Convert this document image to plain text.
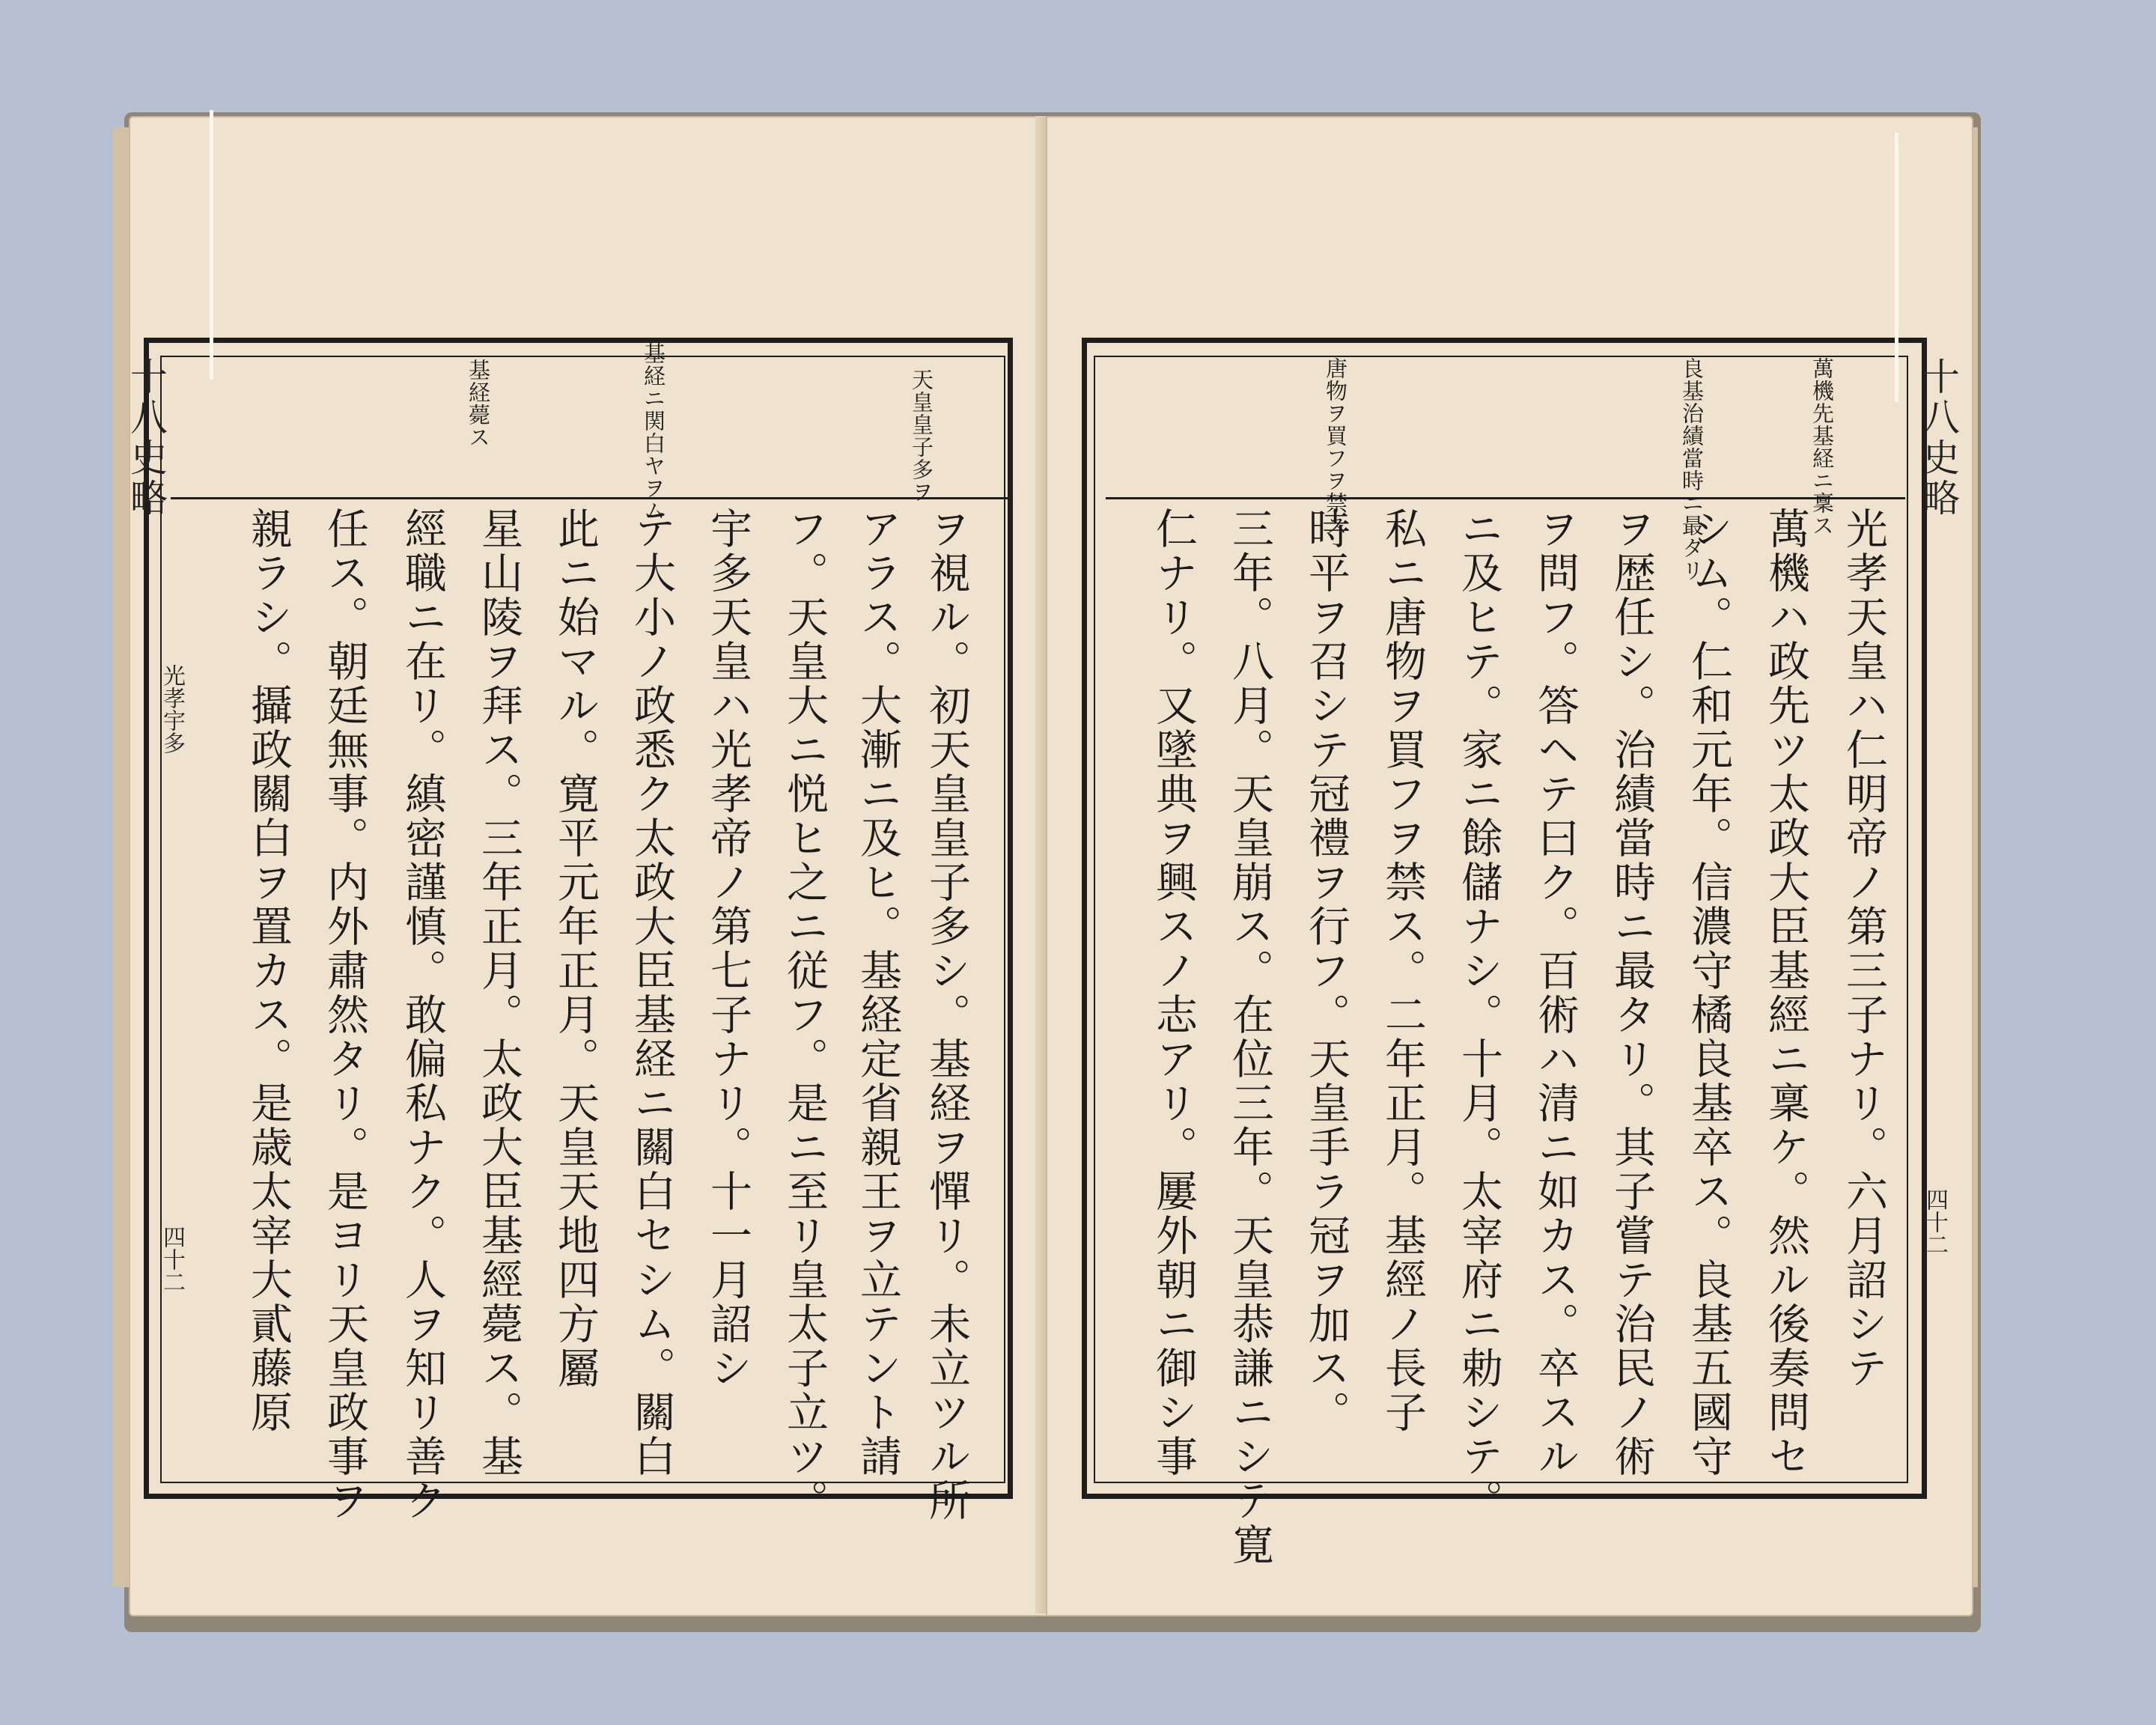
十八史略
光孝宇多
四十二
天皇皇子多ヲ
基経ニ関白ヤヲム
基経薨ス
ヲ視ル。初天皇皇子多シ。基経ヲ憚リ。未立ツル所
アラス。大漸ニ及ヒ。基経定省親王ヲ立テント請
フ。天皇大ニ悦ヒ之ニ従フ。是ニ至リ皇太子立ツ。
宇多天皇ハ光孝帝ノ第七子ナリ。十一月詔シ
テ大小ノ政悉ク太政大臣基経ニ關白セシム。關白
此ニ始マル。寛平元年正月。天皇天地四方屬
星山陵ヲ拜ス。三年正月。太政大臣基經薨ス。基
經職ニ在リ。縝密謹慎。敢偏私ナク。人ヲ知リ善ク
任ス。朝廷無事。内外肅然タリ。是ヨリ天皇政事ヲ
親ラシ。攝政關白ヲ置カス。是歳太宰大貳藤原
十八史略
四十二
萬機先基経ニ稟ス
良基治績當時ニ最タリ
唐物ヲ買フヲ禁ス
光孝天皇ハ仁明帝ノ第三子ナリ。六月詔シテ
萬機ハ政先ツ太政大臣基經ニ稟ケ。然ル後奏問セ
シム。仁和元年。信濃守橘良基卒ス。良基五國守
ヲ歴任シ。治績當時ニ最タリ。其子嘗テ治民ノ術
ヲ問フ。答ヘテ曰ク。百術ハ清ニ如カス。卒スル
ニ及ヒテ。家ニ餘儲ナシ。十月。太宰府ニ勅シテ。
私ニ唐物ヲ買フヲ禁ス。二年正月。基經ノ長子
時平ヲ召シテ冠禮ヲ行フ。天皇手ラ冠ヲ加ス。
三年。八月。天皇崩ス。在位三年。天皇恭謙ニシテ寛
仁ナリ。又墜典ヲ興スノ志アリ。屢外朝ニ御シ事
